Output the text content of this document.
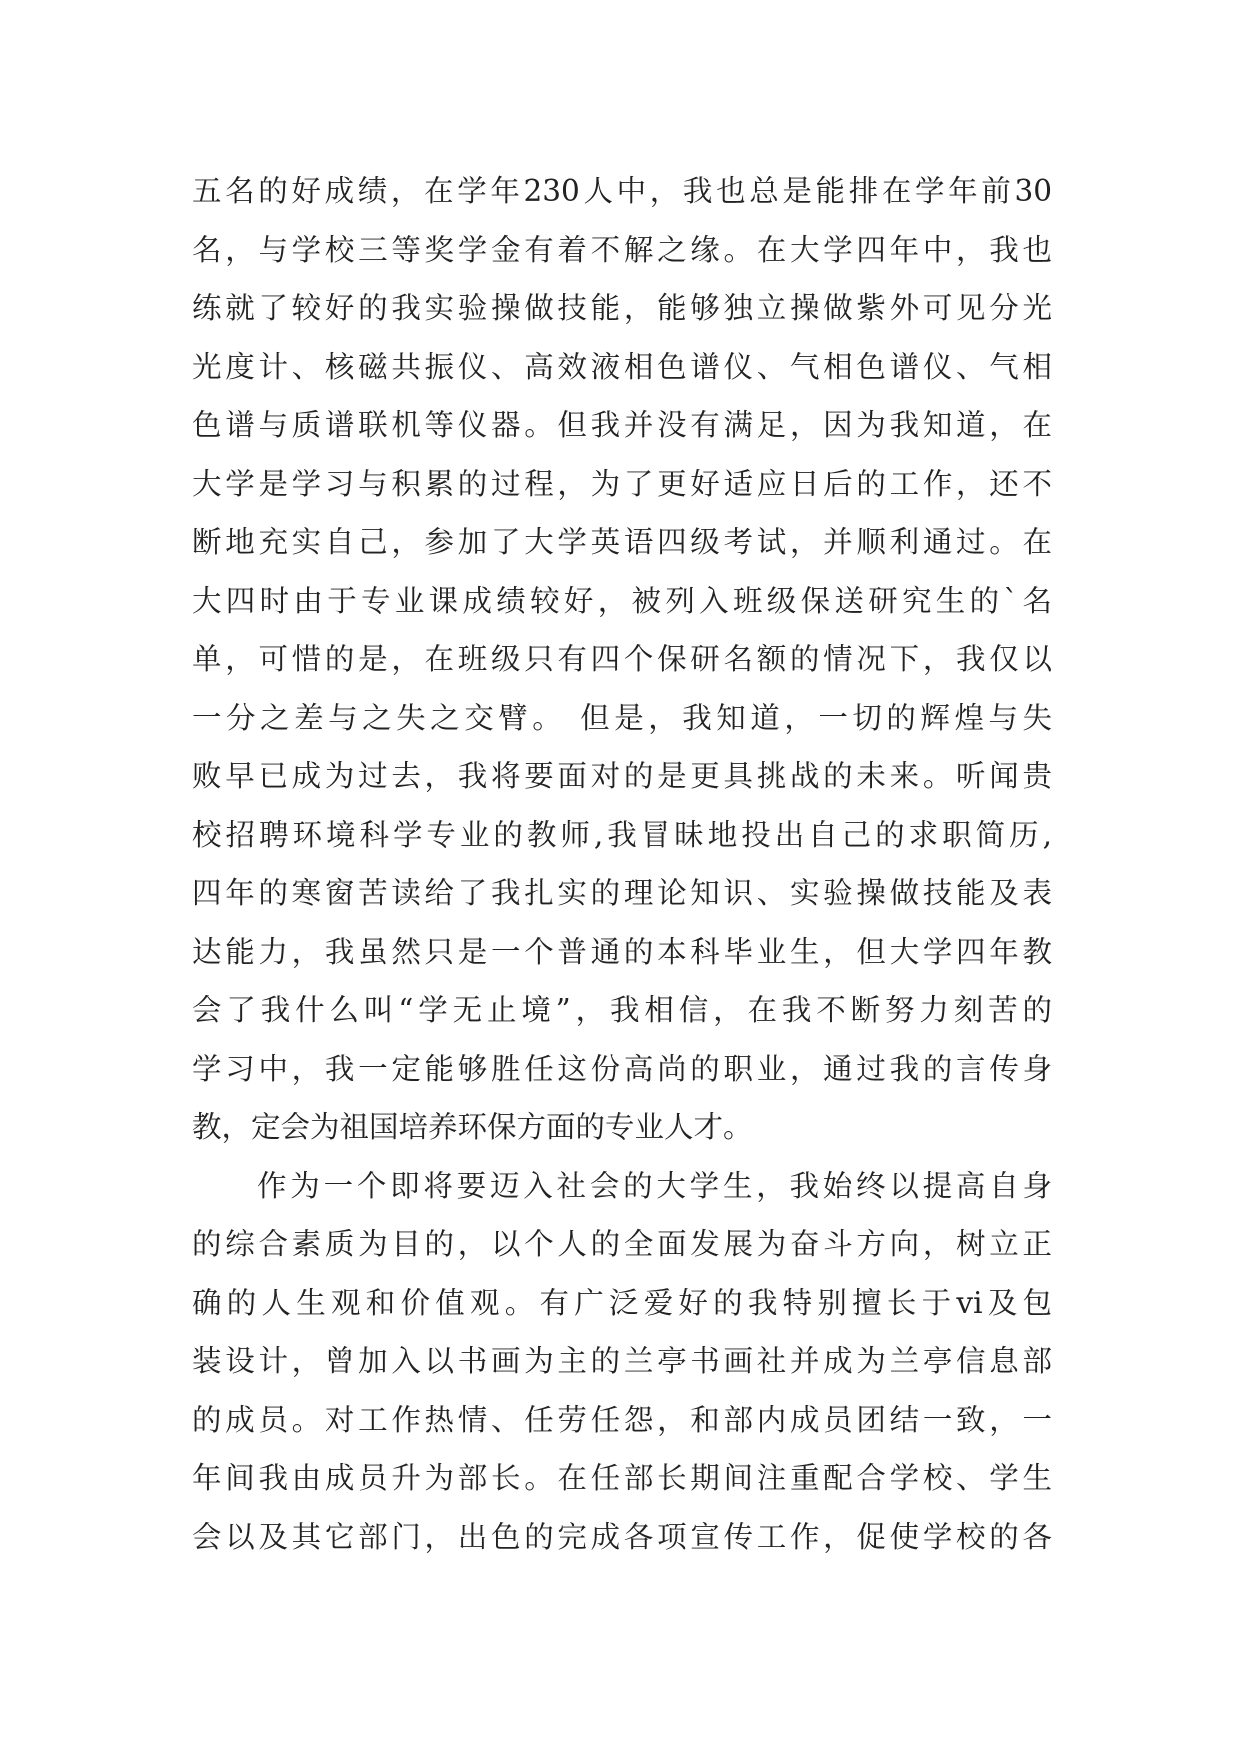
五名的好成绩，在学年230人中，我也总是能排在学年前30
名，与学校三等奖学金有着不解之缘。在大学四年中，我也
练就了较好的我实验操做技能，能够独立操做紫外可见分光
光度计、核磁共振仪、高效液相色谱仪、气相色谱仪、气相
色谱与质谱联机等仪器。但我并没有满足，因为我知道，在
大学是学习与积累的过程，为了更好适应日后的工作，还不
断地充实自己，参加了大学英语四级考试，并顺利通过。在
大四时由于专业课成绩较好，被列入班级保送研究生的`名
单，可惜的是，在班级只有四个保研名额的情况下，我仅以
一分之差与之失之交臂。 但是，我知道，一切的辉煌与失
败早已成为过去，我将要面对的是更具挑战的未来。听闻贵
校招聘环境科学专业的教师,我冒昧地投出自己的求职简历,
四年的寒窗苦读给了我扎实的理论知识、实验操做技能及表
达能力，我虽然只是一个普通的本科毕业生，但大学四年教
会了我什么叫“学无止境”，我相信，在我不断努力刻苦的
学习中，我一定能够胜任这份高尚的职业，通过我的言传身
教，定会为祖国培养环保方面的专业人才。
作为一个即将要迈入社会的大学生，我始终以提高自身
的综合素质为目的，以个人的全面发展为奋斗方向，树立正
确的人生观和价值观。有广泛爱好的我特别擅长于vi及包
装设计，曾加入以书画为主的兰亭书画社并成为兰亭信息部
的成员。对工作热情、任劳任怨，和部内成员团结一致，一
年间我由成员升为部长。在任部长期间注重配合学校、学生
会以及其它部门，出色的完成各项宣传工作，促使学校的各
